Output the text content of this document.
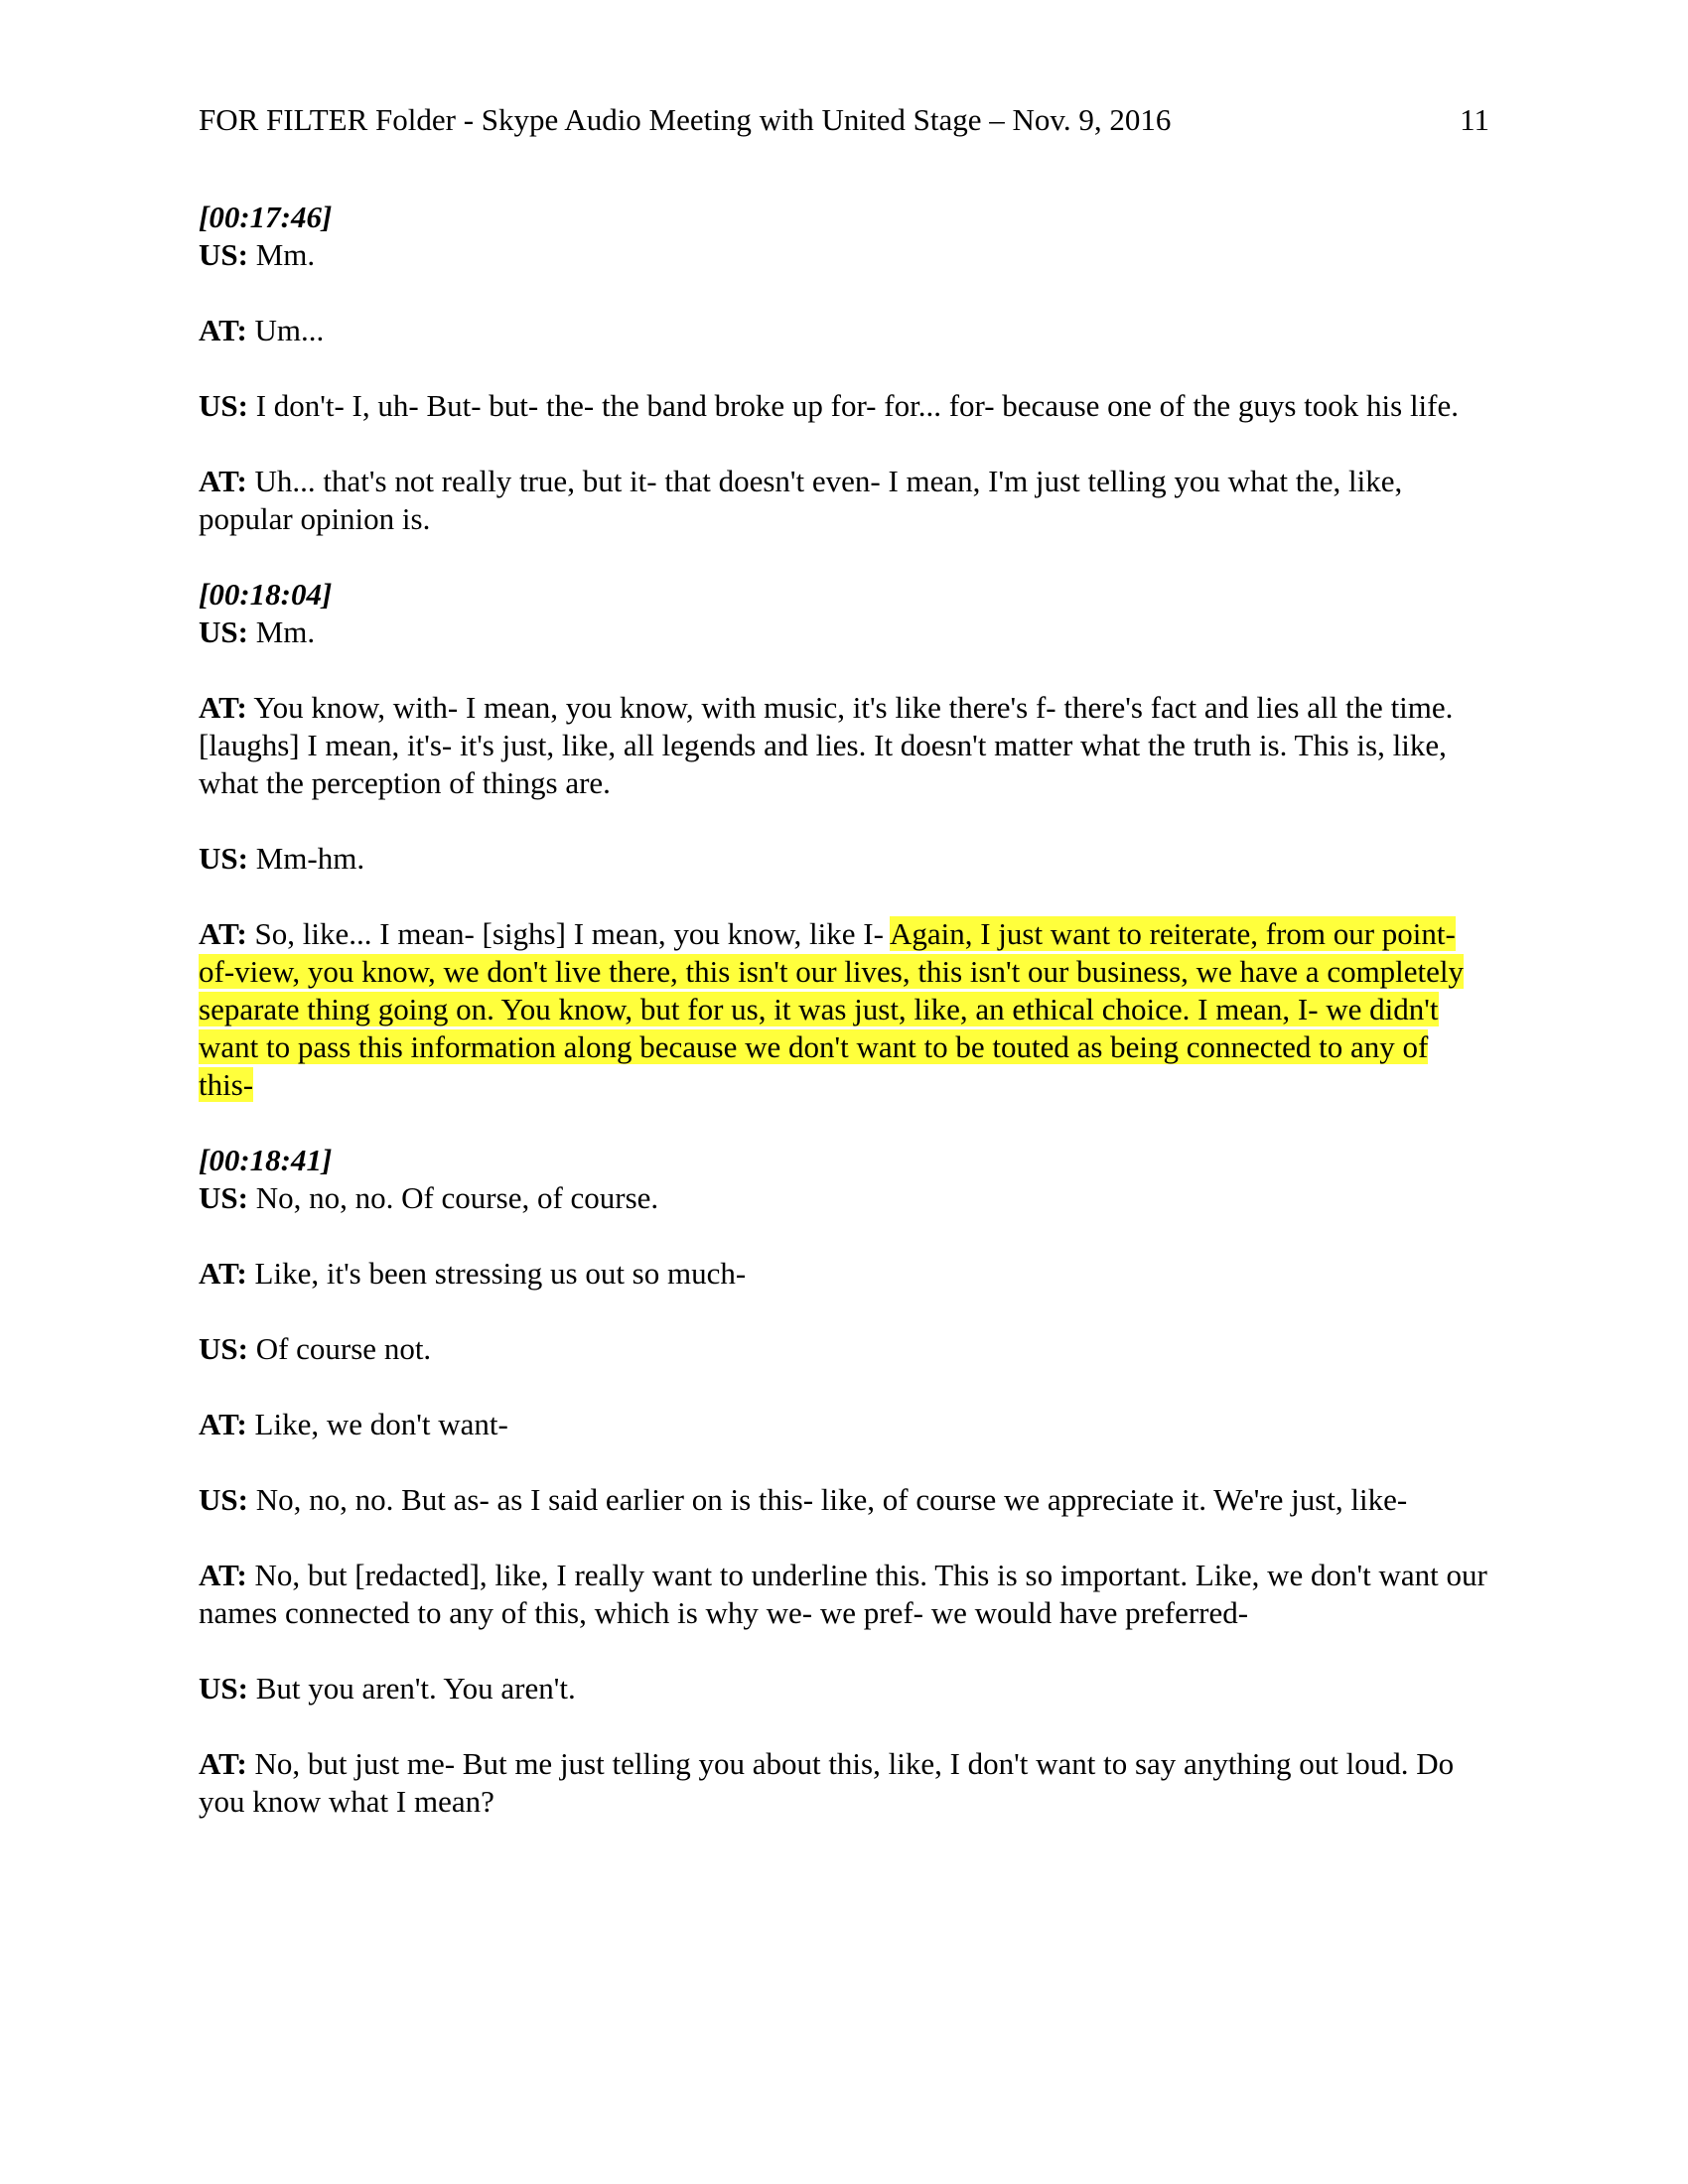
FOR FILTER Folder - Skype Audio Meeting with United Stage – Nov. 9, 2016	11
[00:17:46]
US: Mm.
AT: Um...
US: I don't- I, uh- But- but- the- the band broke up for- for... for- because one of the guys took his life.
AT: Uh... that's not really true, but it- that doesn't even- I mean, I'm just telling you what the, like, popular opinion is.
[00:18:04]
US: Mm.
AT: You know, with- I mean, you know, with music, it's like there's f- there's fact and lies all the time. [laughs] I mean, it's- it's just, like, all legends and lies. It doesn't matter what the truth is. This is, like, what the perception of things are.
US: Mm-hm.
AT: So, like... I mean- [sighs] I mean, you know, like I- Again, I just want to reiterate, from our point-of-view, you know, we don't live there, this isn't our lives, this isn't our business, we have a completely separate thing going on. You know, but for us, it was just, like, an ethical choice. I mean, I- we didn't want to pass this information along because we don't want to be touted as being connected to any of this-
[00:18:41]
US: No, no, no. Of course, of course.
AT: Like, it's been stressing us out so much-
US: Of course not.
AT: Like, we don't want-
US: No, no, no. But as- as I said earlier on is this- like, of course we appreciate it. We're just, like-
AT: No, but [redacted], like, I really want to underline this. This is so important. Like, we don't want our names connected to any of this, which is why we- we pref- we would have preferred-
US: But you aren't. You aren't.
AT: No, but just me- But me just telling you about this, like, I don't want to say anything out loud. Do you know what I mean?
